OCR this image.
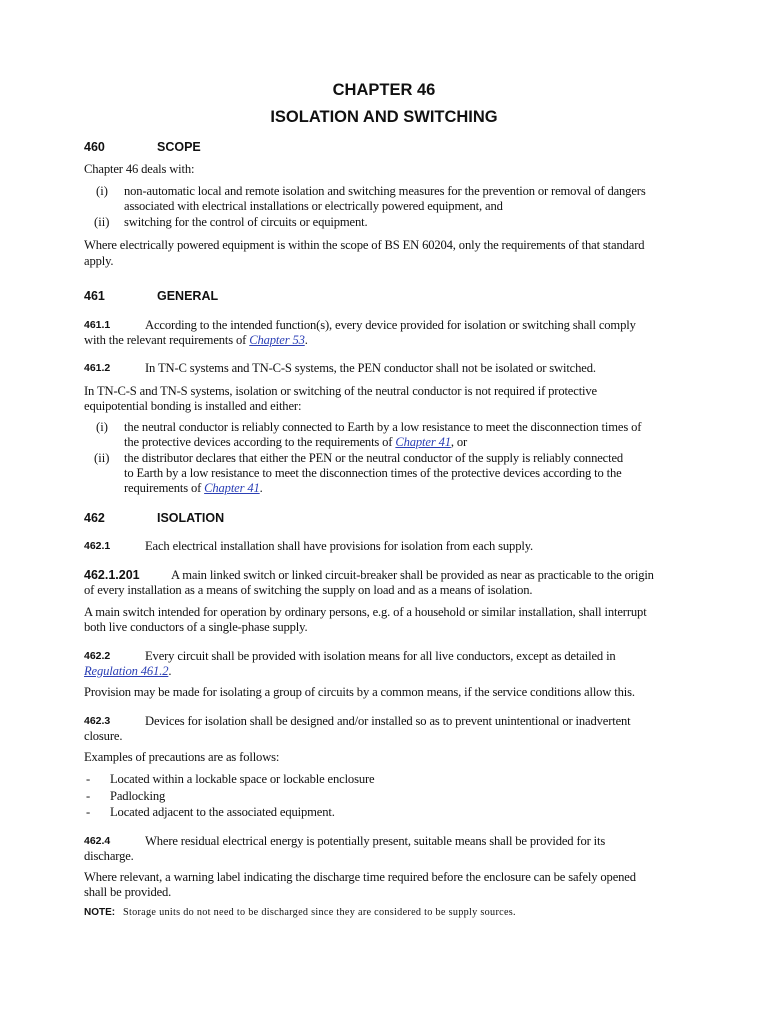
CHAPTER 46
ISOLATION AND SWITCHING
460	SCOPE

Chapter 46 deals with:

(i) non-automatic local and remote isolation and switching measures for the prevention or removal of dangers

associated with electrical installations or electrically powered equipment, and

(ii) switching for the control of circuits or equipment.

Where electrically powered equipment is within the scope of BS EN 60204, only the requirements of that standard

apply.

461	GENERAL
461.1	According to the intended function(s), every device provided for isolation or switching shall comply

with the relevant requirements of Chapter 53.

461.2	In TN-C systems and TN-C-S systems, the PEN conductor shall not be isolated or switched.

In TN-C-S and TN-S systems, isolation or switching of the neutral conductor is not required if protective

equipotential bonding is installed and either:

(i) the neutral conductor is reliably connected to Earth by a low resistance to meet the disconnection times of

the protective devices according to the requirements of Chapter 41, or

(ii) the distributor declares that either the PEN or the neutral conductor of the supply is reliably connected

to Earth by a low resistance to meet the disconnection times of the protective devices according to the

requirements of Chapter 41.

462	ISOLATION
462.1	Each electrical installation shall have provisions for isolation from each supply.

462.1.201 A main linked switch or linked circuit-breaker shall be provided as near as practicable to the origin

of every installation as a means of switching the supply on load and as a means of isolation.

A main switch intended for operation by ordinary persons, e.g. of a household or similar installation, shall interrupt

both live conductors of a single-phase supply.

462.2	Every circuit shall be provided with isolation means for all live conductors, except as detailed in

Regulation 461.2.

Provision may be made for isolating a group of circuits by a common means, if the service conditions allow this.

462.3	Devices for isolation shall be designed and/or installed so as to prevent unintentional or inadvertent

closure.

Examples of precautions are as follows:

- Located within a lockable space or lockable enclosure

- Padlocking

- Located adjacent to the associated equipment.

462.4	Where residual electrical energy is potentially present, suitable means shall be provided for its

discharge.

Where relevant, a warning label indicating the discharge time required before the enclosure can be safely opened

shall be provided.

NOTE: Storage units do not need to be discharged since they are considered to be supply sources.
